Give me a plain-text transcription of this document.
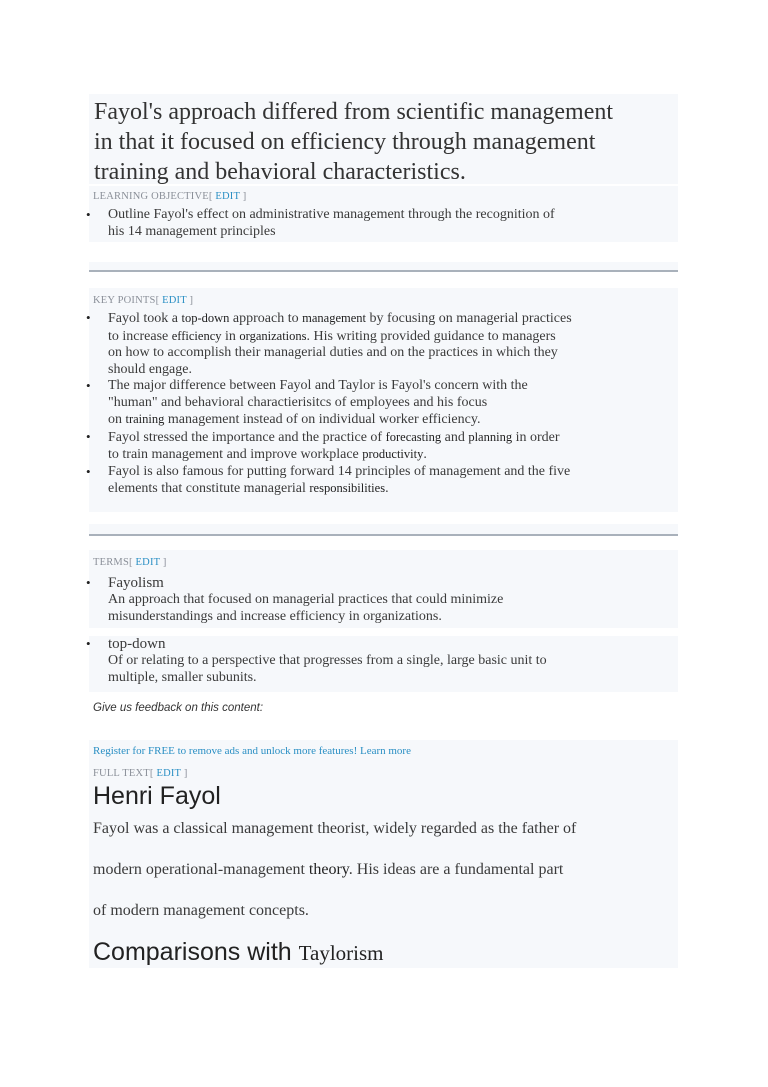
Fayol's approach differed from scientific management
in that it focused on efficiency through management
training and behavioral characteristics.
LEARNING OBJECTIVE[ EDIT ]
• Outline Fayol's effect on administrative management through the recognition of
his 14 management principles
KEY POINTS[ EDIT ]
• Fayol took a top-down approach to management by focusing on managerial practices
to increase efficiency in organizations. His writing provided guidance to managers
on how to accomplish their managerial duties and on the practices in which they
should engage.
• The major difference between Fayol and Taylor is Fayol's concern with the
"human" and behavioral charactierisitcs of employees and his focus
on training management instead of on individual worker efficiency.
• Fayol stressed the importance and the practice of forecasting and planning in order
to train management and improve workplace productivity.
• Fayol is also famous for putting forward 14 principles of management and the five
elements that constitute managerial responsibilities.
TERMS[ EDIT ]
• Fayolism
An approach that focused on managerial practices that could minimize
misunderstandings and increase efficiency in organizations.
• top-down
Of or relating to a perspective that progresses from a single, large basic unit to
multiple, smaller subunits.
Give us feedback on this content:
Register for FREE to remove ads and unlock more features! Learn more
FULL TEXT[ EDIT ]
Henri Fayol
Fayol was a classical management theorist, widely regarded as the father of
modern operational-management theory. His ideas are a fundamental part
of modern management concepts.
Comparisons with Taylorism
